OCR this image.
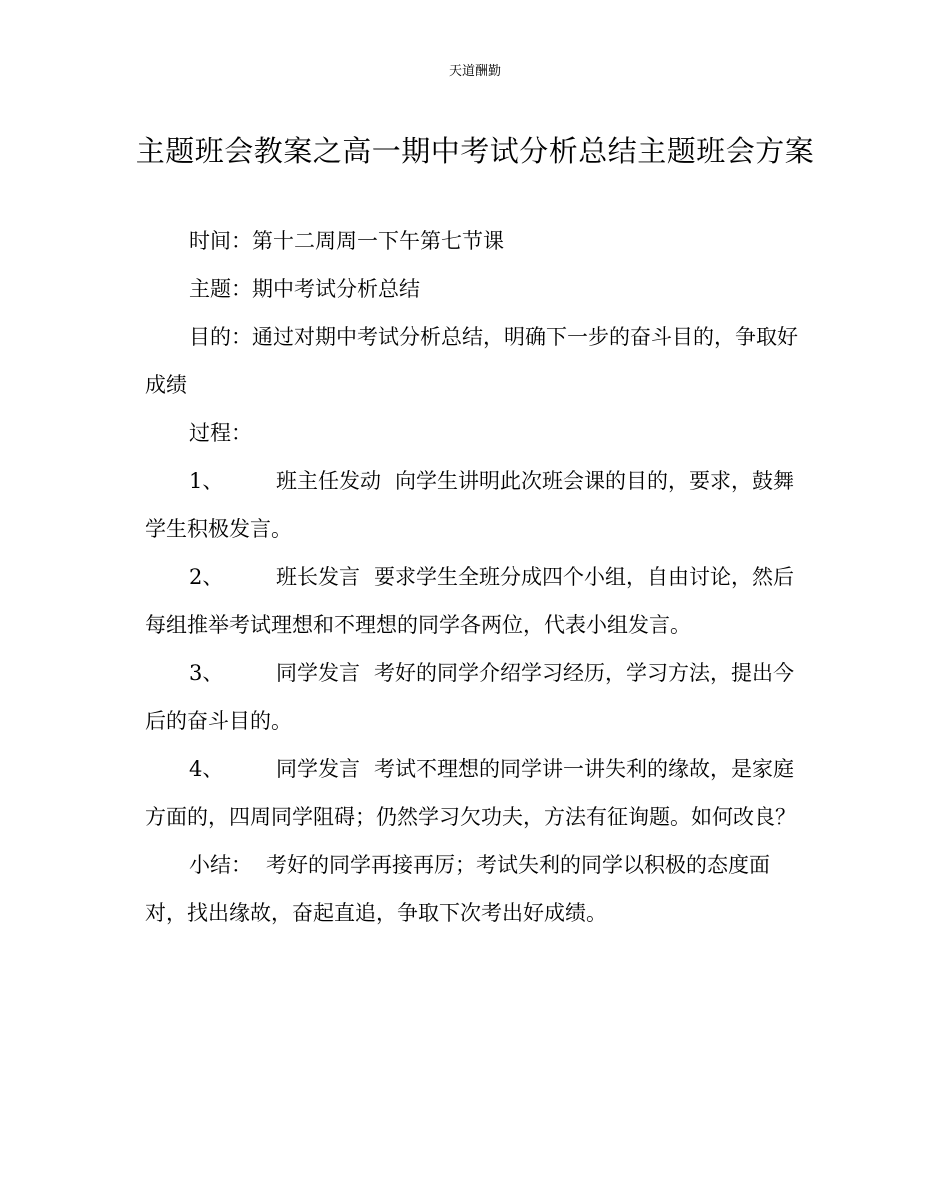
天道酬勤
主题班会教案之高一期中考试分析总结主题班会方案

时间：第十二周周一下午第七节课

主题：期中考试分析总结

目的：通过对期中考试分析总结，明确下一步的奋斗目的，争取好成绩

过程：

1、	班主任发动 向学生讲明此次班会课的目的，要求，鼓舞学生积极发言。

2、	班长发言 要求学生全班分成四个小组，自由讨论，然后每组推举考试理想和不理想的同学各两位，代表小组发言。

3、	同学发言 考好的同学介绍学习经历，学习方法，提出今后的奋斗目的。

4、	同学发言 考试不理想的同学讲一讲失利的缘故，是家庭方面的，四周同学阻碍；仍然学习欠功夫，方法有征询题。如何改良？

小结： 考好的同学再接再厉；考试失利的同学以积极的态度面对，找出缘故，奋起直追，争取下次考出好成绩。
